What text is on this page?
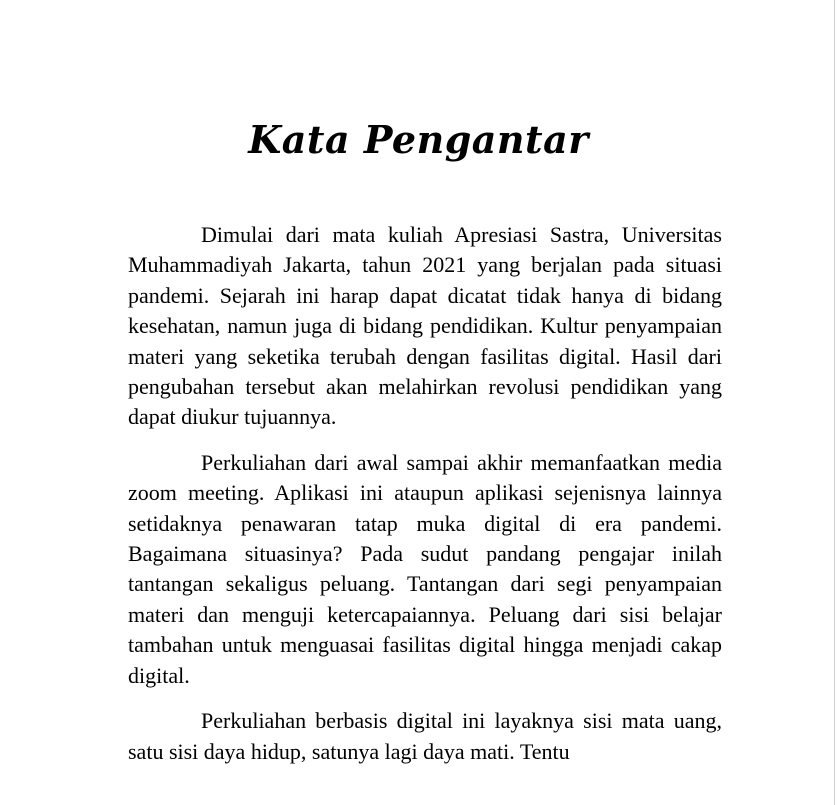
Kata Pengantar

Dimulai dari mata kuliah Apresiasi Sastra, Universitas Muhammadiyah Jakarta, tahun 2021 yang berjalan pada situasi pandemi. Sejarah ini harap dapat dicatat tidak hanya di bidang kesehatan, namun juga di bidang pendidikan. Kultur penyampaian materi yang seketika terubah dengan fasilitas digital. Hasil dari pengubahan tersebut akan melahirkan revolusi pendidikan yang dapat diukur tujuannya.

Perkuliahan dari awal sampai akhir memanfaatkan media zoom meeting. Aplikasi ini ataupun aplikasi sejenisnya lainnya setidaknya penawaran tatap muka digital di era pandemi. Bagaimana situasinya? Pada sudut pandang pengajar inilah tantangan sekaligus peluang. Tantangan dari segi penyampaian materi dan menguji ketercapaiannya. Peluang dari sisi belajar tambahan untuk menguasai fasilitas digital hingga menjadi cakap digital.

Perkuliahan berbasis digital ini layaknya sisi mata uang, satu sisi daya hidup, satunya lagi daya mati. Tentu
